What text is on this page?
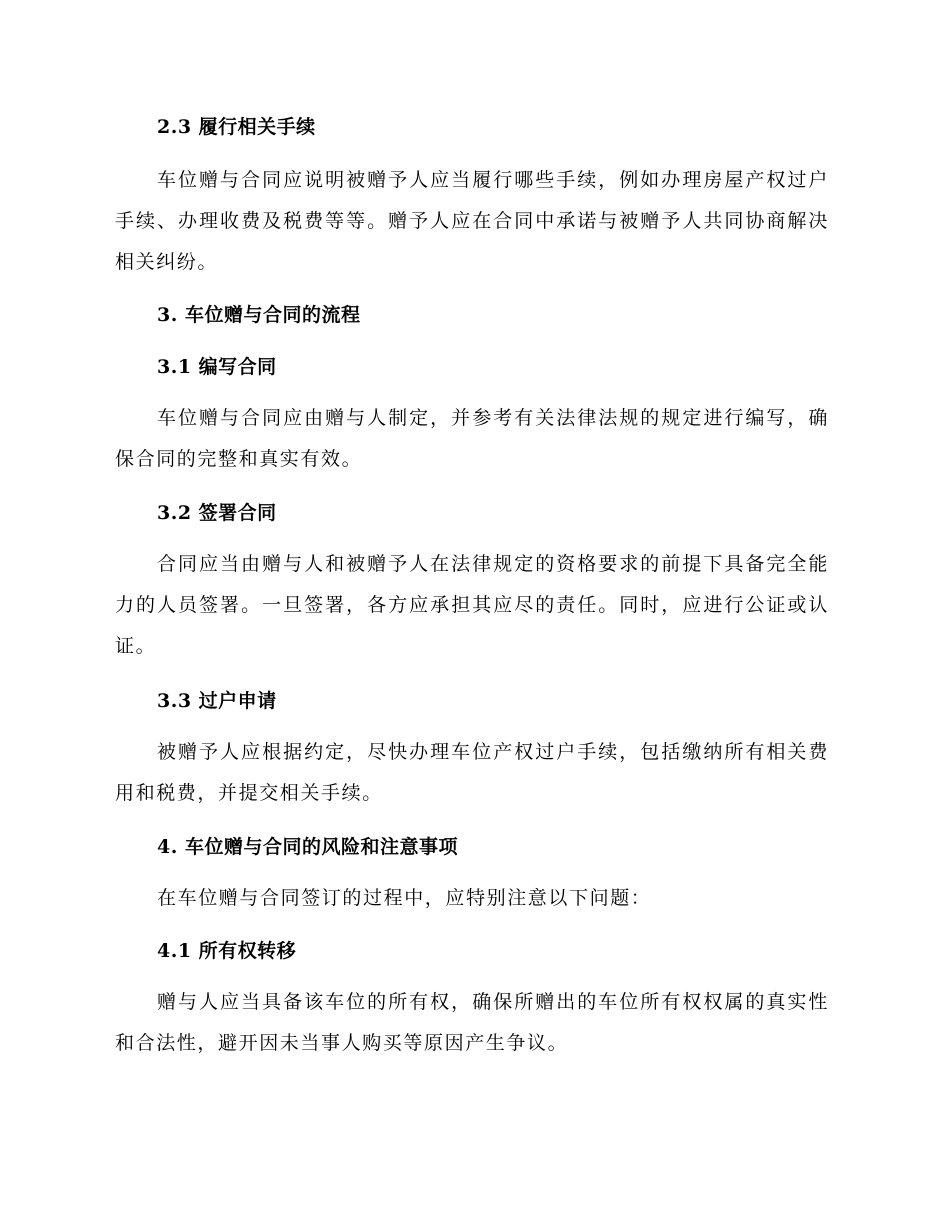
2.3 履行相关手续
车位赠与合同应说明被赠予人应当履行哪些手续，例如办理房屋产权过户手续、办理收费及税费等等。赠予人应在合同中承诺与被赠予人共同协商解决相关纠纷。
3. 车位赠与合同的流程
3.1 编写合同
车位赠与合同应由赠与人制定，并参考有关法律法规的规定进行编写，确保合同的完整和真实有效。
3.2 签署合同
合同应当由赠与人和被赠予人在法律规定的资格要求的前提下具备完全能力的人员签署。一旦签署，各方应承担其应尽的责任。同时，应进行公证或认证。
3.3 过户申请
被赠予人应根据约定，尽快办理车位产权过户手续，包括缴纳所有相关费用和税费，并提交相关手续。
4. 车位赠与合同的风险和注意事项
在车位赠与合同签订的过程中，应特别注意以下问题：
4.1 所有权转移
赠与人应当具备该车位的所有权，确保所赠出的车位所有权权属的真实性和合法性，避开因未当事人购买等原因产生争议。
